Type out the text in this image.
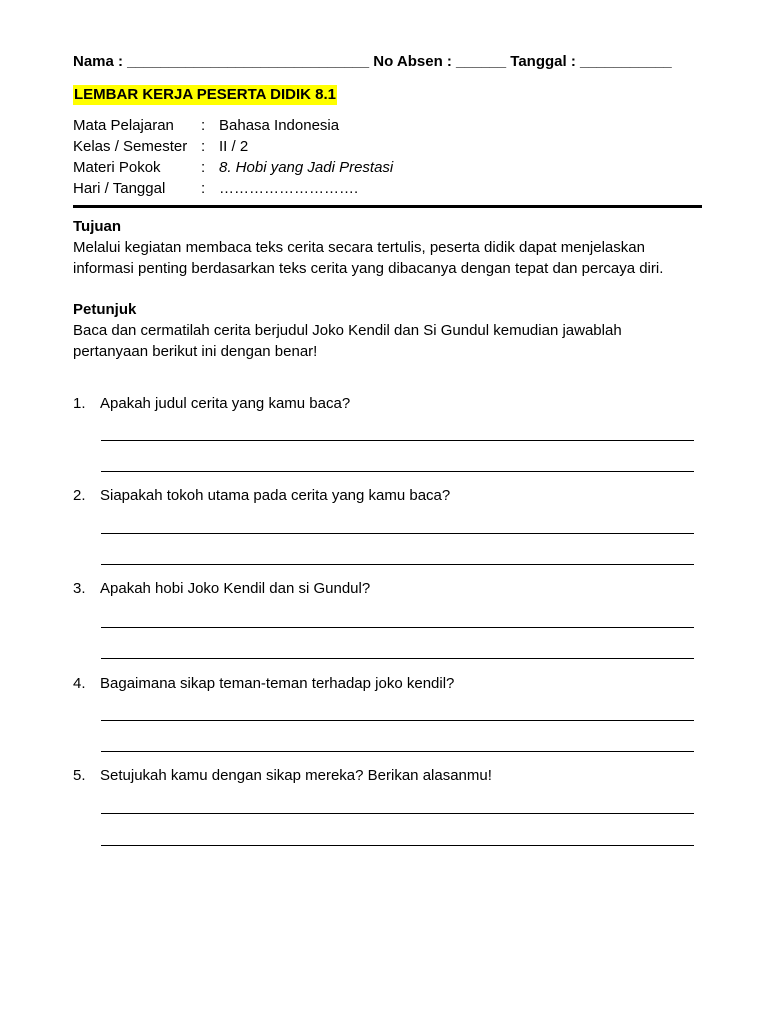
Nama : _____________________________ No Absen : ______ Tanggal : ___________
LEMBAR KERJA PESERTA DIDIK 8.1
Mata Pelajaran	: Bahasa Indonesia
Kelas / Semester : II / 2
Materi Pokok	: 8. Hobi yang Jadi Prestasi
Hari / Tanggal	: ……………………….
Tujuan
Melalui kegiatan membaca teks cerita secara tertulis, peserta didik dapat menjelaskan
informasi penting berdasarkan teks cerita yang dibacanya dengan tepat dan percaya diri.
Petunjuk
Baca dan cermatilah cerita berjudul Joko Kendil dan Si Gundul kemudian jawablah
pertanyaan berikut ini dengan benar!
1. Apakah judul cerita yang kamu baca?
2. Siapakah tokoh utama pada cerita yang kamu baca?
3. Apakah hobi Joko Kendil dan si Gundul?
4. Bagaimana sikap teman-teman terhadap joko kendil?
5. Setujukah kamu dengan sikap mereka? Berikan alasanmu!
